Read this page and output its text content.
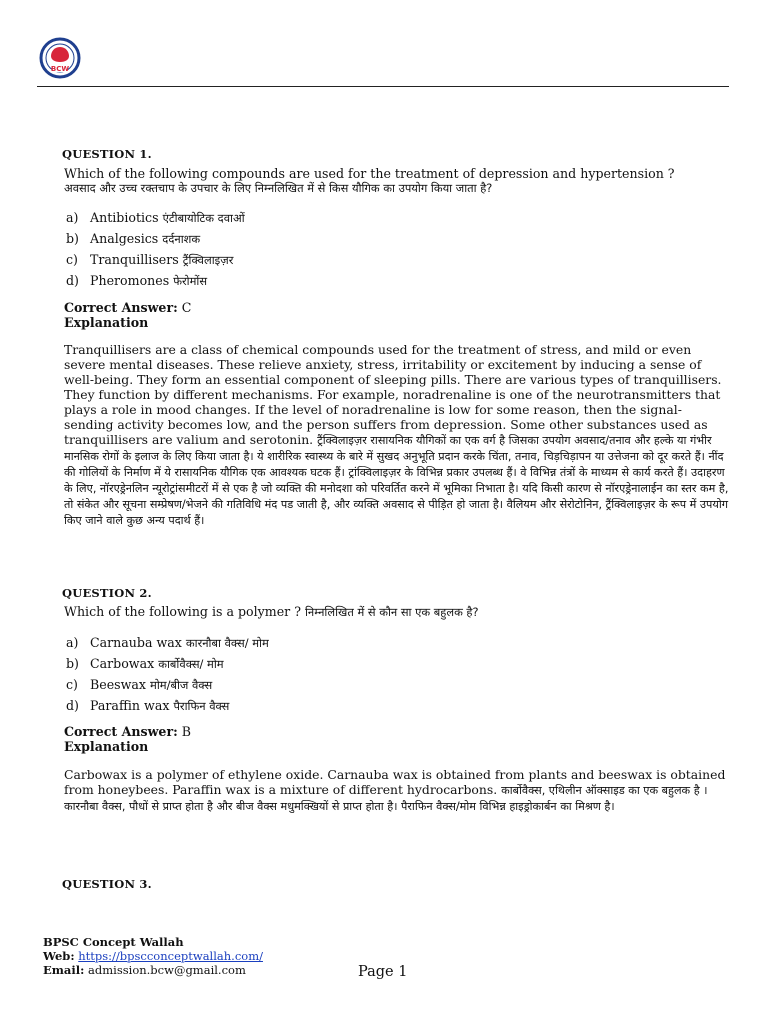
BCW
QUESTION 1.
Which of the following compounds are used for the treatment of depression and hypertension ?
अवसाद और उच्च रक्तचाप के उपचार के लिए निम्नलिखित में से किस यौगिक का उपयोग किया जाता है?
a) Antibiotics एंटीबायोटिक दवाओं
b) Analgesics दर्दनाशक
c) Tranquillisers ट्रैंक्विलाइज़र
d) Pheromones फेरोमोंस
Correct Answer: C
Explanation
Tranquillisers are a class of chemical compounds used for the treatment of stress, and mild or even severe mental diseases. These relieve anxiety, stress, irritability or excitement by inducing a sense of well-being. They form an essential component of sleeping pills. There are various types of tranquillisers. They function by different mechanisms. For example, noradrenaline is one of the neurotransmitters that plays a role in mood changes. If the level of noradrenaline is low for some reason, then the signal-sending activity becomes low, and the person suffers from depression. Some other substances used as tranquillisers are valium and serotonin. ट्रैंक्विलाइज़र रासायनिक यौगिकों का एक वर्ग है जिसका उपयोग अवसाद/तनाव और हल्के या गंभीर मानसिक रोगों के इलाज के लिए किया जाता है। ये शारीरिक स्वास्थ्य के बारे में सुखद अनुभूति प्रदान करके चिंता, तनाव, चिड़चिड़ापन या उत्तेजना को दूर करते हैं। नींद की गोलियों के निर्माण में ये रासायनिक यौगिक एक आवश्यक घटक हैं। ट्रांक्विलाइज़र के विभिन्न प्रकार उपलब्ध हैं। वे विभिन्न तंत्रों के माध्यम से कार्य करते हैं। उदाहरण के लिए, नॉरएड्रेनलिन न्यूरोट्रांसमीटरों में से एक है जो व्यक्ति की मनोदशा को परिवर्तित करने में भूमिका निभाता है। यदि किसी कारण से नॉरएड्रेनालाईन का स्तर कम है, तो संकेत और सूचना सम्प्रेषण/भेजने की गतिविधि मंद पड जाती है, और व्यक्ति अवसाद से पीड़ित हो जाता है। वैलियम और सेरोटोनिन, ट्रैंक्विलाइज़र के रूप में उपयोग किए जाने वाले कुछ अन्य पदार्थ हैं।
QUESTION 2.
Which of the following is a polymer ? निम्नलिखित में से कौन सा एक बहुलक है?
a) Carnauba wax कारनौबा वैक्स/ मोम
b) Carbowax कार्बोवैक्स/ मोम
c) Beeswax मोम/बीज वैक्स
d) Paraffin wax पैराफिन वैक्स
Correct Answer: B
Explanation
Carbowax is a polymer of ethylene oxide. Carnauba wax is obtained from plants and beeswax is obtained from honeybees. Paraffin wax is a mixture of different hydrocarbons. कार्बोवैक्स, एथिलीन ऑक्साइड का एक बहुलक है । कारनौबा वैक्स, पौधों से प्राप्त होता है और बीज वैक्स मधुमक्खियों से प्राप्त होता है। पैराफिन वैक्स/मोम विभिन्न हाइड्रोकार्बन का मिश्रण है।
QUESTION 3.
BPSC Concept Wallah
Web: https://bpscconceptwallah.com/
Email: admission.bcw@gmail.com	Page 1
